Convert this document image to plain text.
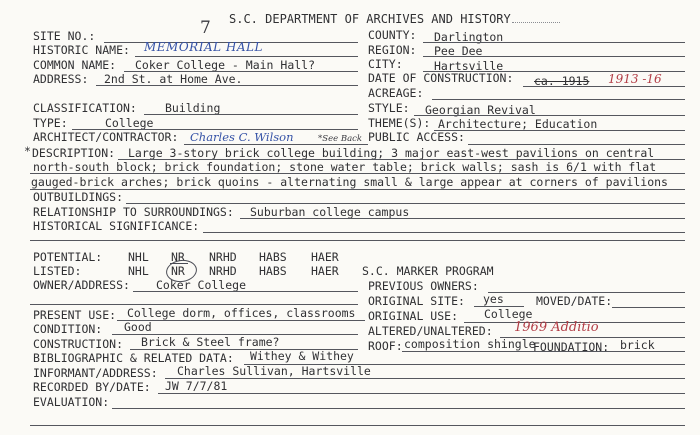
S.C. DEPARTMENT OF ARCHIVES AND HISTORY
SITE NO.:	7
HISTORIC NAME: MEMORIAL HALL
COMMON NAME: Coker College - Main Hall?
ADDRESS: 2nd St. at Home Ave.
COUNTY: Darlington
REGION: Pee Dee
CITY:	Hartsville
DATE OF CONSTRUCTION: ca. 1915 1913 -16
ACREAGE:
CLASSIFICATION: Building
TYPE:	College
STYLE: Georgian Revival
THEME(S): Architecture; Education
ARCHITECT/CONTRACTOR: Charles C. Wilson	*See Back PUBLIC ACCESS:
* DESCRIPTION: Large 3-story brick college building; 3 major east-west pavilions on central
north-south block; brick foundation; stone water table; brick walls; sash is 6/1 with flat
gauged-brick arches; brick quoins - alternating small & large appear at corners of pavilions
OUTBUILDINGS:
RELATIONSHIP TO SURROUNDINGS: Suburban college campus
HISTORICAL SIGNIFICANCE:
POTENTIAL: NHL NR NRHD HABS HAER
LISTED:	NHL NR NRHD HABS HAER S.C. MARKER PROGRAM
OWNER/ADDRESS: Coker College	PREVIOUS OWNERS:
ORIGINAL SITE: yes	MOVED/DATE:
PRESENT USE: College dorm, offices, classrooms ORIGINAL USE: College
CONDITION: Good	ALTERED/UNALTERED: 1969 Additio
CONSTRUCTION: Brick & Steel frame?	ROOF: composition shingle
FOUNDATION: brick
BIBLIOGRAPHIC & RELATED DATA: Withey & Withey
INFORMANT/ADDRESS: Charles Sullivan, Hartsville
RECORDED BY/DATE: JW 7/7/81
EVALUATION:
